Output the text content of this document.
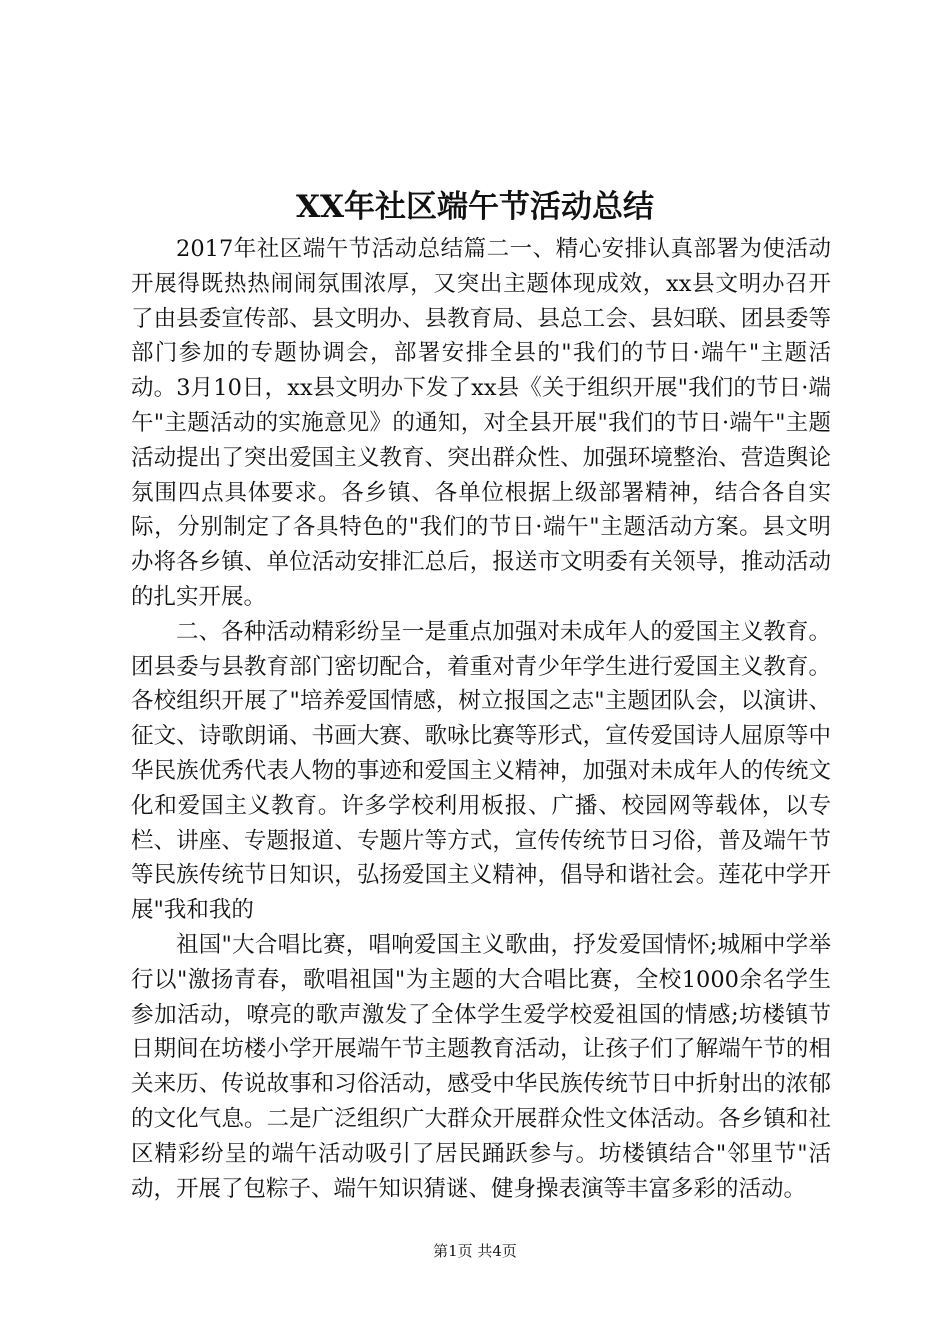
XX年社区端午节活动总结

2017年社区端午节活动总结篇二一、精心安排认真部署为使活动开展得既热热闹闹氛围浓厚，又突出主题体现成效，xx县文明办召开了由县委宣传部、县文明办、县教育局、县总工会、县妇联、团县委等部门参加的专题协调会，部署安排全县的"我们的节日·端午"主题活动。3月10日，xx县文明办下发了xx县《关于组织开展"我们的节日·端午"主题活动的实施意见》的通知，对全县开展"我们的节日·端午"主题活动提出了突出爱国主义教育、突出群众性、加强环境整治、营造舆论氛围四点具体要求。各乡镇、各单位根据上级部署精神，结合各自实际，分别制定了各具特色的"我们的节日·端午"主题活动方案。县文明办将各乡镇、单位活动安排汇总后，报送市文明委有关领导，推动活动的扎实开展。

二、各种活动精彩纷呈一是重点加强对未成年人的爱国主义教育。团县委与县教育部门密切配合，着重对青少年学生进行爱国主义教育。各校组织开展了"培养爱国情感，树立报国之志"主题团队会，以演讲、征文、诗歌朗诵、书画大赛、歌咏比赛等形式，宣传爱国诗人屈原等中华民族优秀代表人物的事迹和爱国主义精神，加强对未成年人的传统文化和爱国主义教育。许多学校利用板报、广播、校园网等载体，以专栏、讲座、专题报道、专题片等方式，宣传传统节日习俗，普及端午节等民族传统节日知识，弘扬爱国主义精神，倡导和谐社会。莲花中学开展"我和我的

祖国"大合唱比赛，唱响爱国主义歌曲，抒发爱国情怀;城厢中学举行以"激扬青春，歌唱祖国"为主题的大合唱比赛，全校1000余名学生参加活动，嘹亮的歌声激发了全体学生爱学校爱祖国的情感;坊楼镇节日期间在坊楼小学开展端午节主题教育活动，让孩子们了解端午节的相关来历、传说故事和习俗活动，感受中华民族传统节日中折射出的浓郁的文化气息。二是广泛组织广大群众开展群众性文体活动。各乡镇和社区精彩纷呈的端午活动吸引了居民踊跃参与。坊楼镇结合"邻里节"活动，开展了包粽子、端午知识猜谜、健身操表演等丰富多彩的活动。

第1页 共4页
